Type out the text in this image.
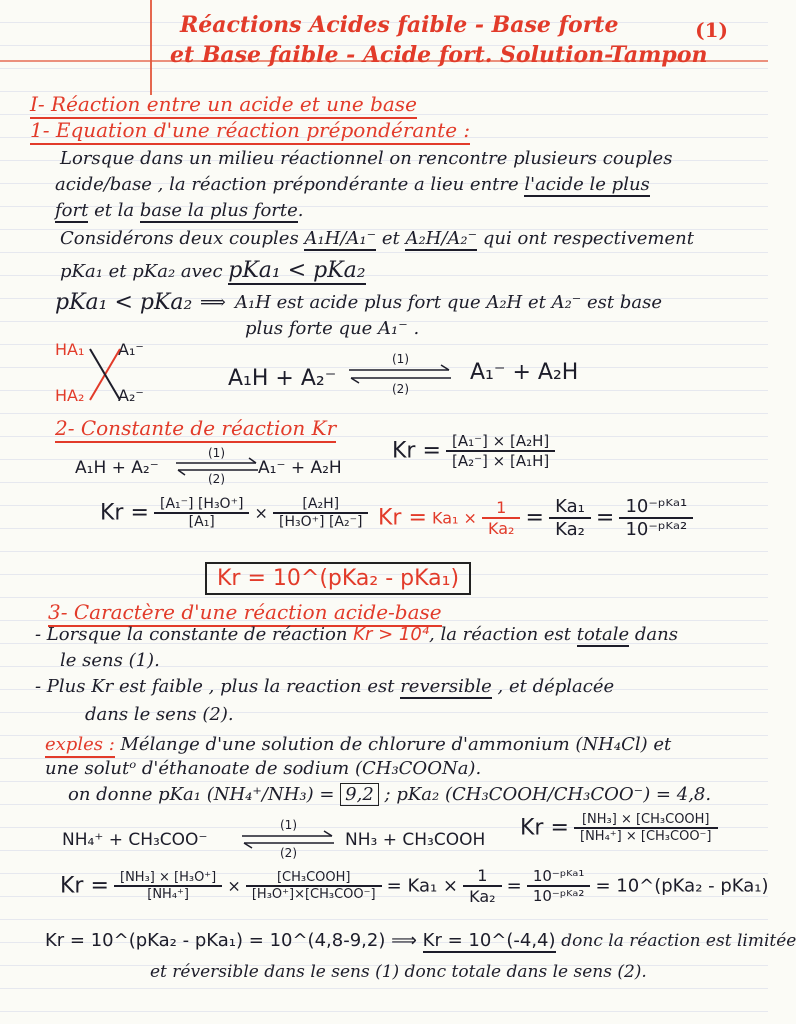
Réactions Acides faible - Base forte
et Base faible - Acide fort. Solution-Tampon
(1)
I- Réaction entre un acide et une base
1- Equation d'une réaction prépondérante :
Lorsque dans un milieu réactionnel on rencontre plusieurs couples
acide/base , la réaction prépondérante a lieu entre l'acide le plus
fort et la base la plus forte.
Considérons deux couples A₁H/A₁⁻ et A₂H/A₂⁻ qui ont respectivement
pKa₁ et pKa₂ avec pKa₁ < pKa₂
pKa₁ < pKa₂ ⟹ A₁H est acide plus fort que A₂H et A₂⁻ est base
plus forte que A₁⁻ .
HA₁
HA₂
A₁⁻
A₂⁻
A₁H + A₂⁻
(1)
(2)
A₁⁻ + A₂H
2- Constante de réaction Kr
A₁H + A₂⁻
(1)
(2)
A₁⁻ + A₂H
$Kr = \frac{\text{[A₁⁻] × [A₂H]}}{\text{[A₂⁻] × [A₁H]}}$
$Kr = \frac{\text{[A₁⁻] [H₃O⁺]}}{\text{[A₁]}} \times \frac{\text{[A₂H]}}{\text{[H₃O⁺] [A₂⁻]}}$ $Kr = Ka_1 \times \frac{1}{\text{Ka₂}} = \frac{\text{Ka₁}}{\text{Ka₂}} = \frac{\text{10⁻ᵖᴷᵃ¹}}{\text{10⁻ᵖᴷᵃ²}}$
Kr = 10^(pKa₂ - pKa₁)
3- Caractère d'une réaction acide-base
- Lorsque la constante de réaction Kr > 10⁴, la réaction est totale dans
le sens (1).
- Plus Kr est faible , plus la reaction est reversible , et déplacée
dans le sens (2).
exples : Mélange d'une solution de chlorure d'ammonium (NH₄Cl) et
une solutᵒ d'éthanoate de sodium (CH₃COONa).
on donne pKa₁ (NH₄⁺/NH₃) = 9,2 ; pKa₂ (CH₃COOH/CH₃COO⁻) = 4,8.
NH₄⁺ + CH₃COO⁻
(1)
(2)
NH₃ + CH₃COOH $Kr = \frac{\text{[NH₃] × [CH₃COOH]}}{\text{[NH₄⁺] × [CH₃COO⁻]}}$
$Kr = \frac{\text{[NH₃] × [H₃O⁺]}}{\text{[NH₄⁺]}} \times \frac{\text{[CH₃COOH]}}{\text{[H₃O⁺]×[CH₃COO⁻]}} = Ka_1 \times \frac{1}{\text{Ka₂}} = \frac{\text{10⁻ᵖᴷᵃ¹}}{\text{10⁻ᵖᴷᵃ²}}$ = 10^(pKa₂ - pKa₁)
Kr = 10^(pKa₂ - pKa₁) = 10^(4,8-9,2) ⟹ Kr = 10^(-4,4) donc la réaction est limitée
et réversible dans le sens (1) donc totale dans le sens (2).
